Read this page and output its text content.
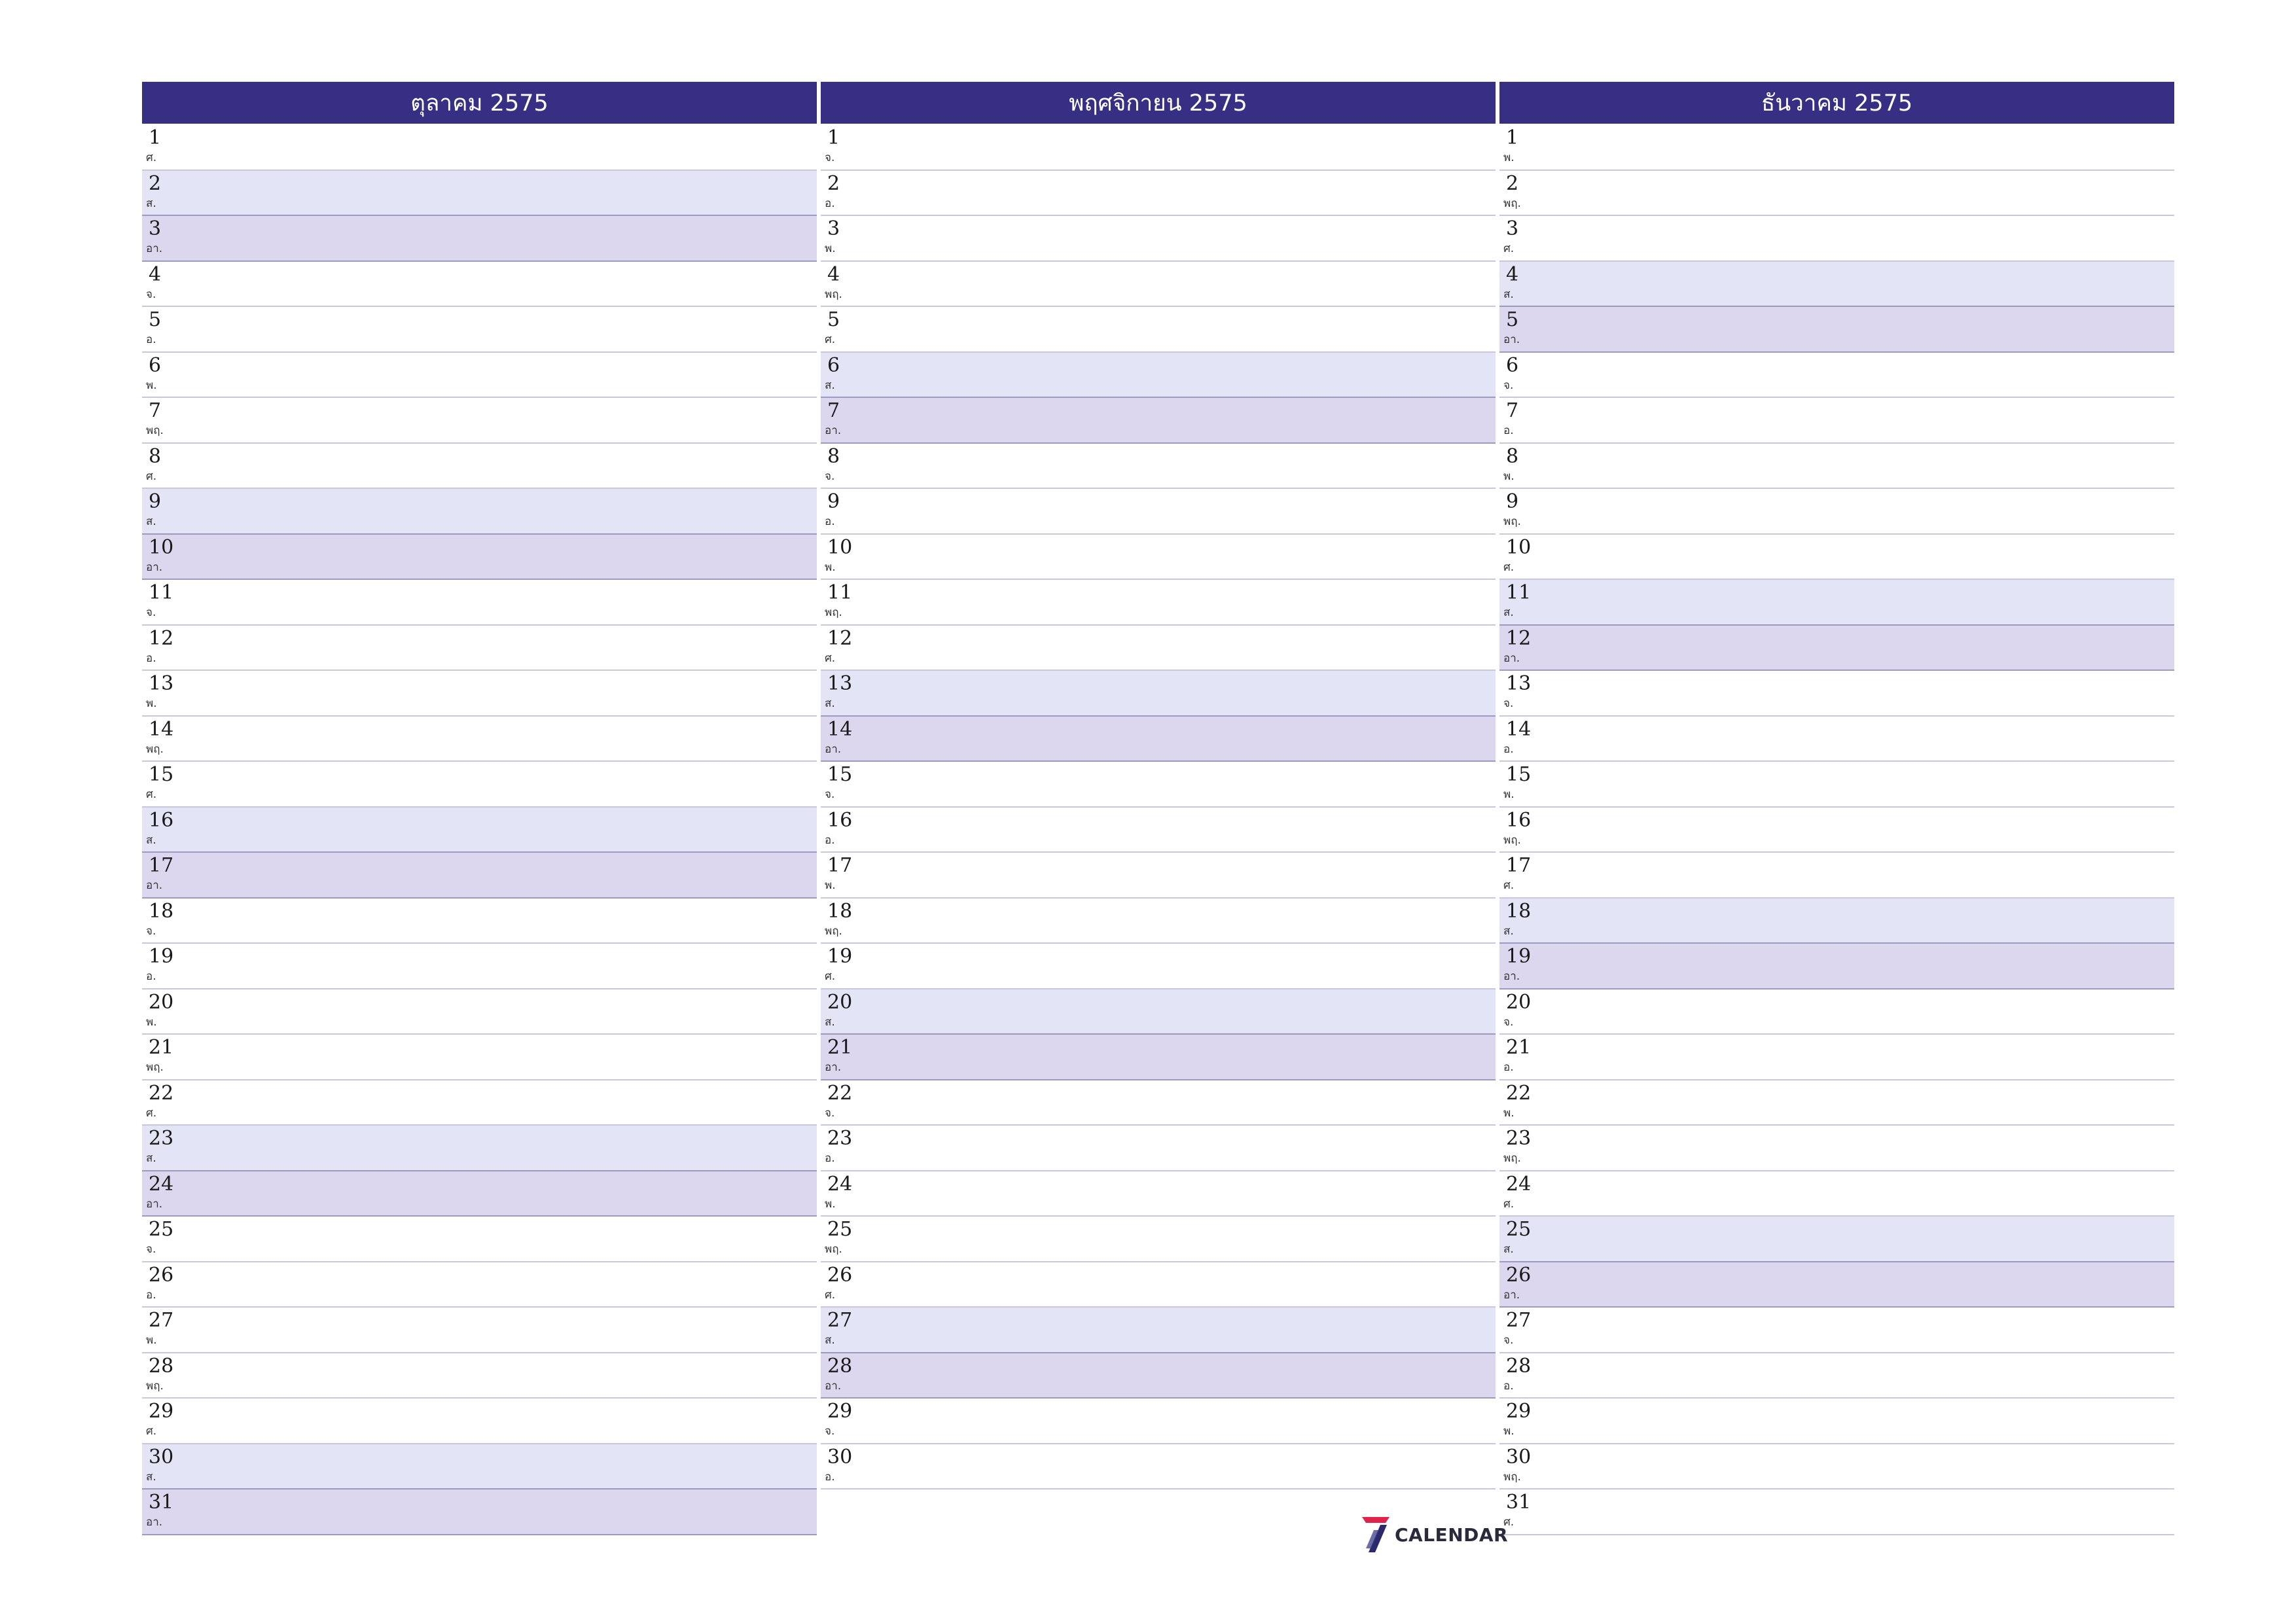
ตุลาคม 2575
1
ศ.
2
ส.
3
อา.
4
จ.
5
อ.
6
พ.
7
พฤ.
8
ศ.
9
ส.
10
อา.
11
จ.
12
อ.
13
พ.
14
พฤ.
15
ศ.
16
ส.
17
อา.
18
จ.
19
อ.
20
พ.
21
พฤ.
22
ศ.
23
ส.
24
อา.
25
จ.
26
อ.
27
พ.
28
พฤ.
29
ศ.
30
ส.
31
อา.
พฤศจิกายน 2575
1
จ.
2
อ.
3
พ.
4
พฤ.
5
ศ.
6
ส.
7
อา.
8
จ.
9
อ.
10
พ.
11
พฤ.
12
ศ.
13
ส.
14
อา.
15
จ.
16
อ.
17
พ.
18
พฤ.
19
ศ.
20
ส.
21
อา.
22
จ.
23
อ.
24
พ.
25
พฤ.
26
ศ.
27
ส.
28
อา.
29
จ.
30
อ.
ธันวาคม 2575
1
พ.
2
พฤ.
3
ศ.
4
ส.
5
อา.
6
จ.
7
อ.
8
พ.
9
พฤ.
10
ศ.
11
ส.
12
อา.
13
จ.
14
อ.
15
พ.
16
พฤ.
17
ศ.
18
ส.
19
อา.
20
จ.
21
อ.
22
พ.
23
พฤ.
24
ศ.
25
ส.
26
อา.
27
จ.
28
อ.
29
พ.
30
พฤ.
31
ศ.
CALENDAR
